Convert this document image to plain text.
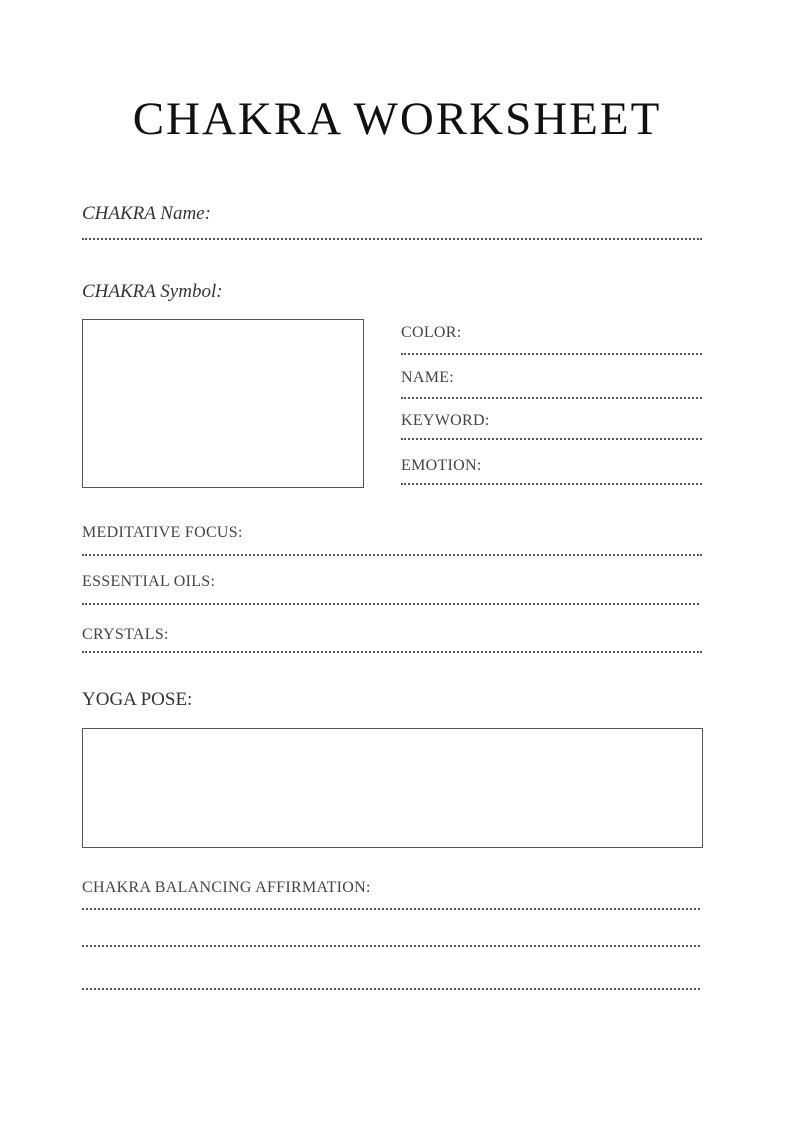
CHAKRA WORKSHEET
CHAKRA Name:
CHAKRA Symbol:
COLOR:
NAME:
KEYWORD:
EMOTION:
MEDITATIVE FOCUS:
ESSENTIAL OILS:
CRYSTALS:
YOGA POSE:
CHAKRA BALANCING AFFIRMATION:
